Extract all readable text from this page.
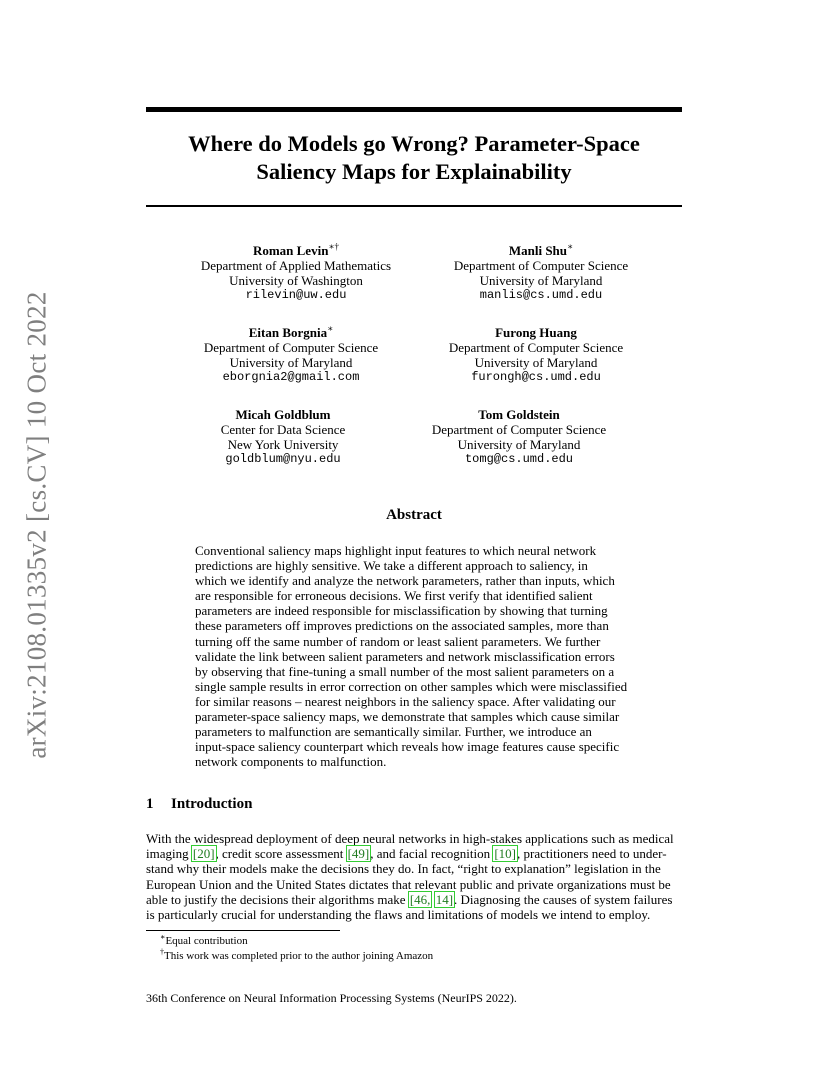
arXiv:2108.01335v2 [cs.CV] 10 Oct 2022
Where do Models go Wrong? Parameter-Space
Saliency Maps for Explainability
Roman Levin∗†
Department of Applied Mathematics
University of Washington
rilevin@uw.edu
Manli Shu∗
Department of Computer Science
University of Maryland
manlis@cs.umd.edu
Eitan Borgnia∗
Department of Computer Science
University of Maryland
eborgnia2@gmail.com
Furong Huang
Department of Computer Science
University of Maryland
furongh@cs.umd.edu
Micah Goldblum
Center for Data Science
New York University
goldblum@nyu.edu
Tom Goldstein
Department of Computer Science
University of Maryland
tomg@cs.umd.edu
Abstract
Conventional saliency maps highlight input features to which neural network
predictions are highly sensitive. We take a different approach to saliency, in
which we identify and analyze the network parameters, rather than inputs, which
are responsible for erroneous decisions. We first verify that identified salient
parameters are indeed responsible for misclassification by showing that turning
these parameters off improves predictions on the associated samples, more than
turning off the same number of random or least salient parameters. We further
validate the link between salient parameters and network misclassification errors
by observing that fine-tuning a small number of the most salient parameters on a
single sample results in error correction on other samples which were misclassified
for similar reasons – nearest neighbors in the saliency space. After validating our
parameter-space saliency maps, we demonstrate that samples which cause similar
parameters to malfunction are semantically similar. Further, we introduce an
input-space saliency counterpart which reveals how image features cause specific
network components to malfunction.
1 Introduction
With the widespread deployment of deep neural networks in high-stakes applications such as medical
imaging [20], credit score assessment [49], and facial recognition [10], practitioners need to under-
stand why their models make the decisions they do. In fact, “right to explanation” legislation in the
European Union and the United States dictates that relevant public and private organizations must be
able to justify the decisions their algorithms make [46, 14]. Diagnosing the causes of system failures
is particularly crucial for understanding the flaws and limitations of models we intend to employ.
∗Equal contribution
†This work was completed prior to the author joining Amazon
36th Conference on Neural Information Processing Systems (NeurIPS 2022).
